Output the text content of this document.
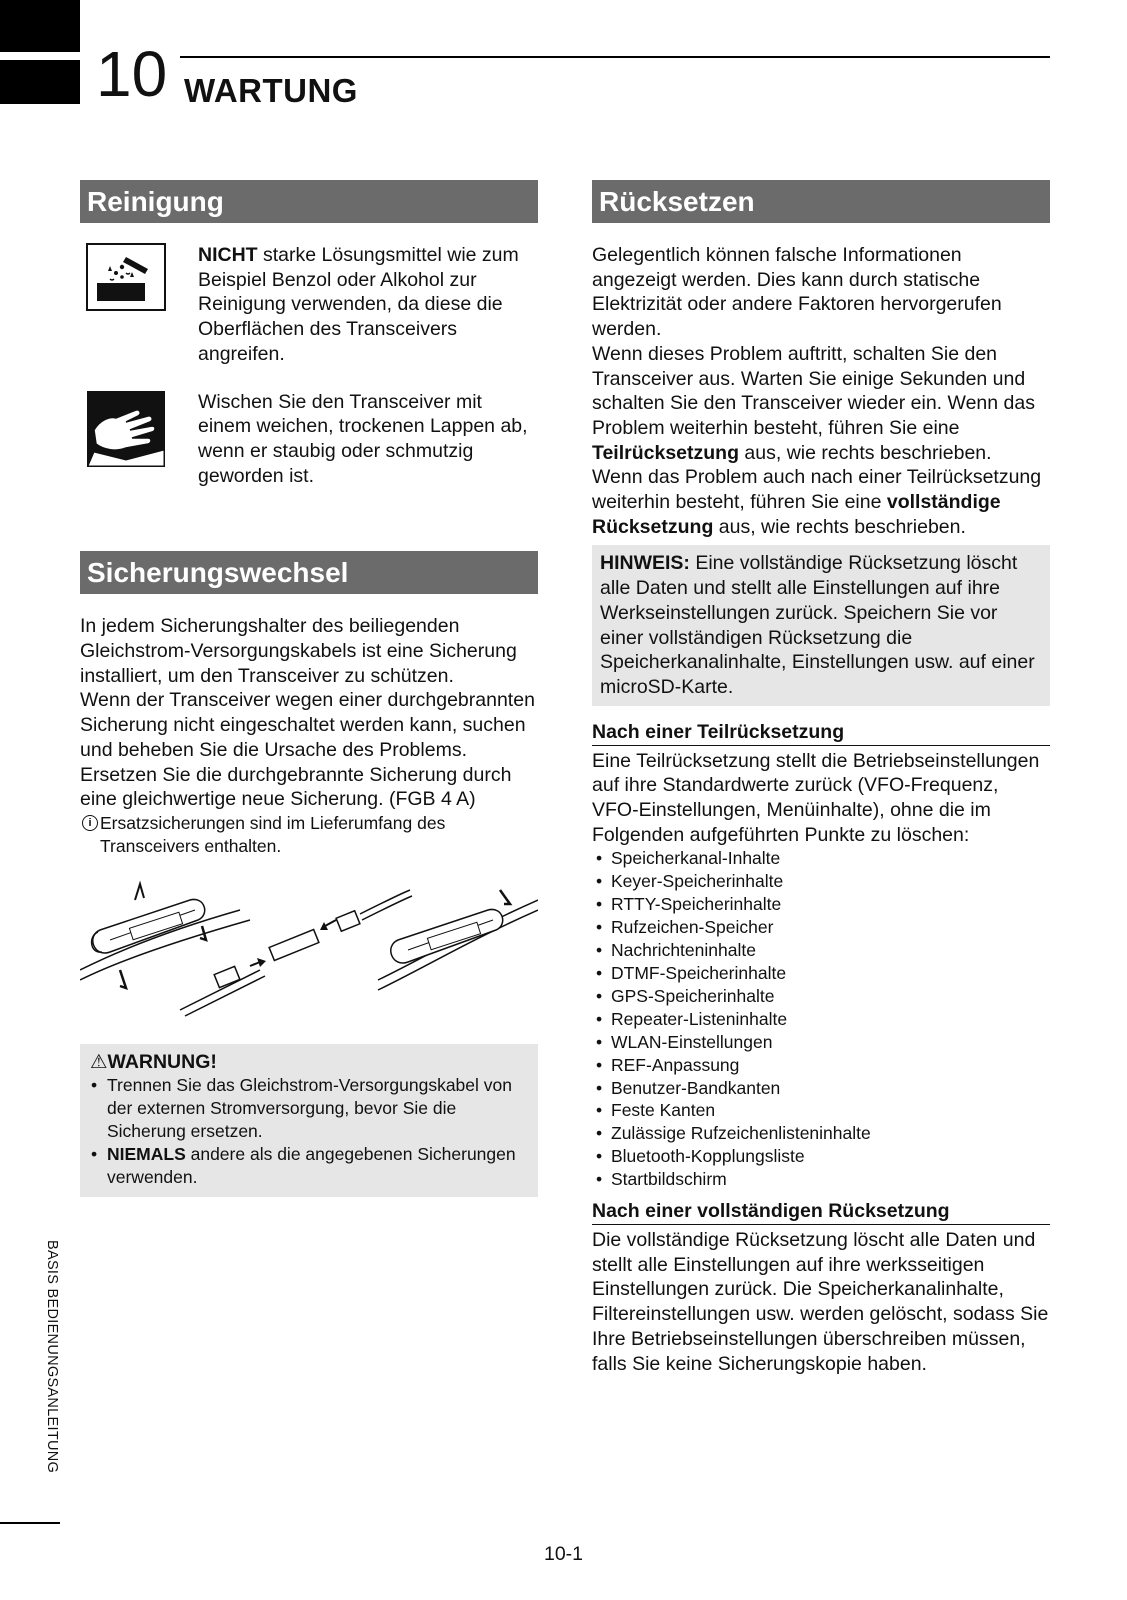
10 WARTUNG
Reinigung
NICHT starke Lösungsmittel wie zum Beispiel Benzol oder Alkohol zur Reinigung verwenden, da diese die Oberflächen des Transceivers angreifen.
Wischen Sie den Transceiver mit einem weichen, trockenen Lappen ab, wenn er staubig oder schmutzig geworden ist.
Sicherungswechsel
In jedem Sicherungshalter des beiliegenden Gleichstrom-Versorgungskabels ist eine Sicherung installiert, um den Transceiver zu schützen.
Wenn der Transceiver wegen einer durchgebrannten Sicherung nicht eingeschaltet werden kann, suchen und beheben Sie die Ursache des Problems. Ersetzen Sie die durchgebrannte Sicherung durch eine gleichwertige neue Sicherung. (FGB 4 A)
i Ersatzsicherungen sind im Lieferumfang des Transceivers enthalten.
⚠WARNUNG!
• Trennen Sie das Gleichstrom-Versorgungskabel von der externen Stromversorgung, bevor Sie die Sicherung ersetzen.
• NIEMALS andere als die angegebenen Sicherungen verwenden.
Rücksetzen
Gelegentlich können falsche Informationen angezeigt werden. Dies kann durch statische Elektrizität oder andere Faktoren hervorgerufen werden.
Wenn dieses Problem auftritt, schalten Sie den Transceiver aus. Warten Sie einige Sekunden und schalten Sie den Transceiver wieder ein. Wenn das Problem weiterhin besteht, führen Sie eine Teilrücksetzung aus, wie rechts beschrieben.
Wenn das Problem auch nach einer Teilrücksetzung weiterhin besteht, führen Sie eine vollständige Rücksetzung aus, wie rechts beschrieben.
HINWEIS: Eine vollständige Rücksetzung löscht alle Daten und stellt alle Einstellungen auf ihre Werkseinstellungen zurück. Speichern Sie vor einer vollständigen Rücksetzung die Speicherkanalinhalte, Einstellungen usw. auf einer microSD-Karte.
Nach einer Teilrücksetzung
Eine Teilrücksetzung stellt die Betriebseinstellungen auf ihre Standardwerte zurück (VFO-Frequenz, VFO-Einstellungen, Menüinhalte), ohne die im Folgenden aufgeführten Punkte zu löschen:
• Speicherkanal-Inhalte
• Keyer-Speicherinhalte
• RTTY-Speicherinhalte
• Rufzeichen-Speicher
• Nachrichteninhalte
• DTMF-Speicherinhalte
• GPS-Speicherinhalte
• Repeater-Listeninhalte
• WLAN-Einstellungen
• REF-Anpassung
• Benutzer-Bandkanten
• Feste Kanten
• Zulässige Rufzeichenlisteninhalte
• Bluetooth-Kopplungsliste
• Startbildschirm
Nach einer vollständigen Rücksetzung
Die vollständige Rücksetzung löscht alle Daten und stellt alle Einstellungen auf ihre werksseitigen Einstellungen zurück. Die Speicherkanalinhalte, Filtereinstellungen usw. werden gelöscht, sodass Sie Ihre Betriebseinstellungen überschreiben müssen, falls Sie keine Sicherungskopie haben.
BASIS BEDIENUNGSANLEITUNG
10-1
